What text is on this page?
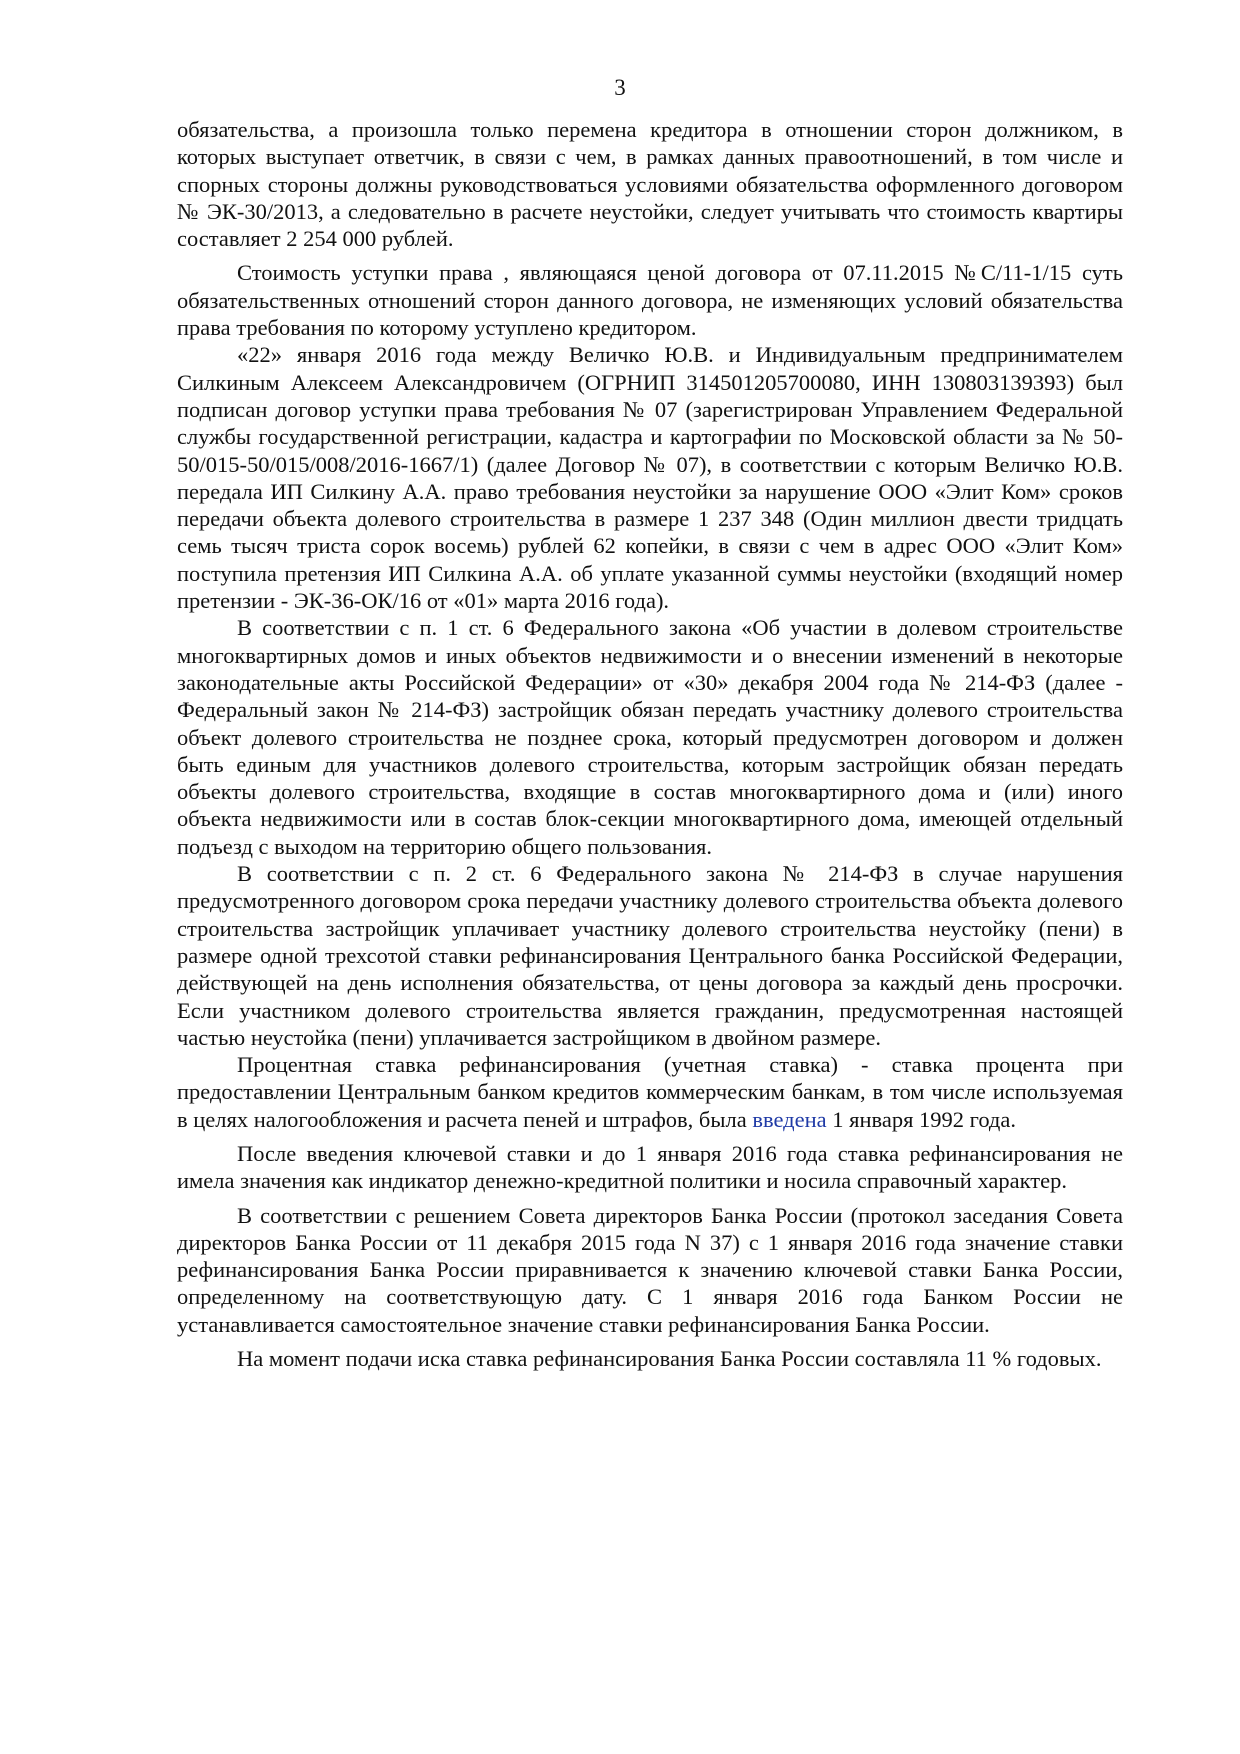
3

обязательства, а произошла только перемена кредитора в отношении сторон должником, в которых выступает ответчик, в связи с чем, в рамках данных правоотношений, в том числе и спорных стороны должны руководствоваться условиями обязательства оформленного договором № ЭК-30/2013, а следовательно в расчете неустойки, следует учитывать что стоимость квартиры составляет 2 254 000 рублей.

Стоимость уступки права , являющаяся ценой договора от 07.11.2015 №С/11-1/15 суть обязательственных отношений сторон данного договора, не изменяющих условий обязательства права требования по которому уступлено кредитором.

«22» января 2016 года между Величко Ю.В. и Индивидуальным предпринимателем Силкиным Алексеем Александровичем (ОГРНИП 314501205700080, ИНН 130803139393) был подписан договор уступки права требования № 07 (зарегистрирован Управлением Федеральной службы государственной регистрации, кадастра и картографии по Московской области за № 50-50/015-50/015/008/2016-1667/1) (далее Договор № 07), в соответствии с которым Величко Ю.В. передала ИП Силкину А.А. право требования неустойки за нарушение ООО «Элит Ком» сроков передачи объекта долевого строительства в размере 1 237 348 (Один миллион двести тридцать семь тысяч триста сорок восемь) рублей 62 копейки, в связи с чем в адрес ООО «Элит Ком» поступила претензия ИП Силкина А.А. об уплате указанной суммы неустойки (входящий номер претензии - ЭК-36-ОК/16 от «01» марта 2016 года).

В соответствии с п. 1 ст. 6 Федерального закона «Об участии в долевом строительстве многоквартирных домов и иных объектов недвижимости и о внесении изменений в некоторые законодательные акты Российской Федерации» от «30» декабря 2004 года № 214-ФЗ (далее - Федеральный закон № 214-ФЗ) застройщик обязан передать участнику долевого строительства объект долевого строительства не позднее срока, который предусмотрен договором и должен быть единым для участников долевого строительства, которым застройщик обязан передать объекты долевого строительства, входящие в состав многоквартирного дома и (или) иного объекта недвижимости или в состав блок-секции многоквартирного дома, имеющей отдельный подъезд с выходом на территорию общего пользования.

В соответствии с п. 2 ст. 6 Федерального закона № 214-ФЗ в случае нарушения предусмотренного договором срока передачи участнику долевого строительства объекта долевого строительства застройщик уплачивает участнику долевого строительства неустойку (пени) в размере одной трехсотой ставки рефинансирования Центрального банка Российской Федерации, действующей на день исполнения обязательства, от цены договора за каждый день просрочки. Если участником долевого строительства является гражданин, предусмотренная настоящей частью неустойка (пени) уплачивается застройщиком в двойном размере.

Процентная ставка рефинансирования (учетная ставка) - ставка процента при предоставлении Центральным банком кредитов коммерческим банкам, в том числе используемая в целях налогообложения и расчета пеней и штрафов, была введена 1 января 1992 года.

После введения ключевой ставки и до 1 января 2016 года ставка рефинансирования не имела значения как индикатор денежно-кредитной политики и носила справочный характер.

В соответствии с решением Совета директоров Банка России (протокол заседания Совета директоров Банка России от 11 декабря 2015 года N 37) с 1 января 2016 года значение ставки рефинансирования Банка России приравнивается к значению ключевой ставки Банка России, определенному на соответствующую дату. С 1 января 2016 года Банком России не устанавливается самостоятельное значение ставки рефинансирования Банка России.

На момент подачи иска ставка рефинансирования Банка России составляла 11 % годовых.
